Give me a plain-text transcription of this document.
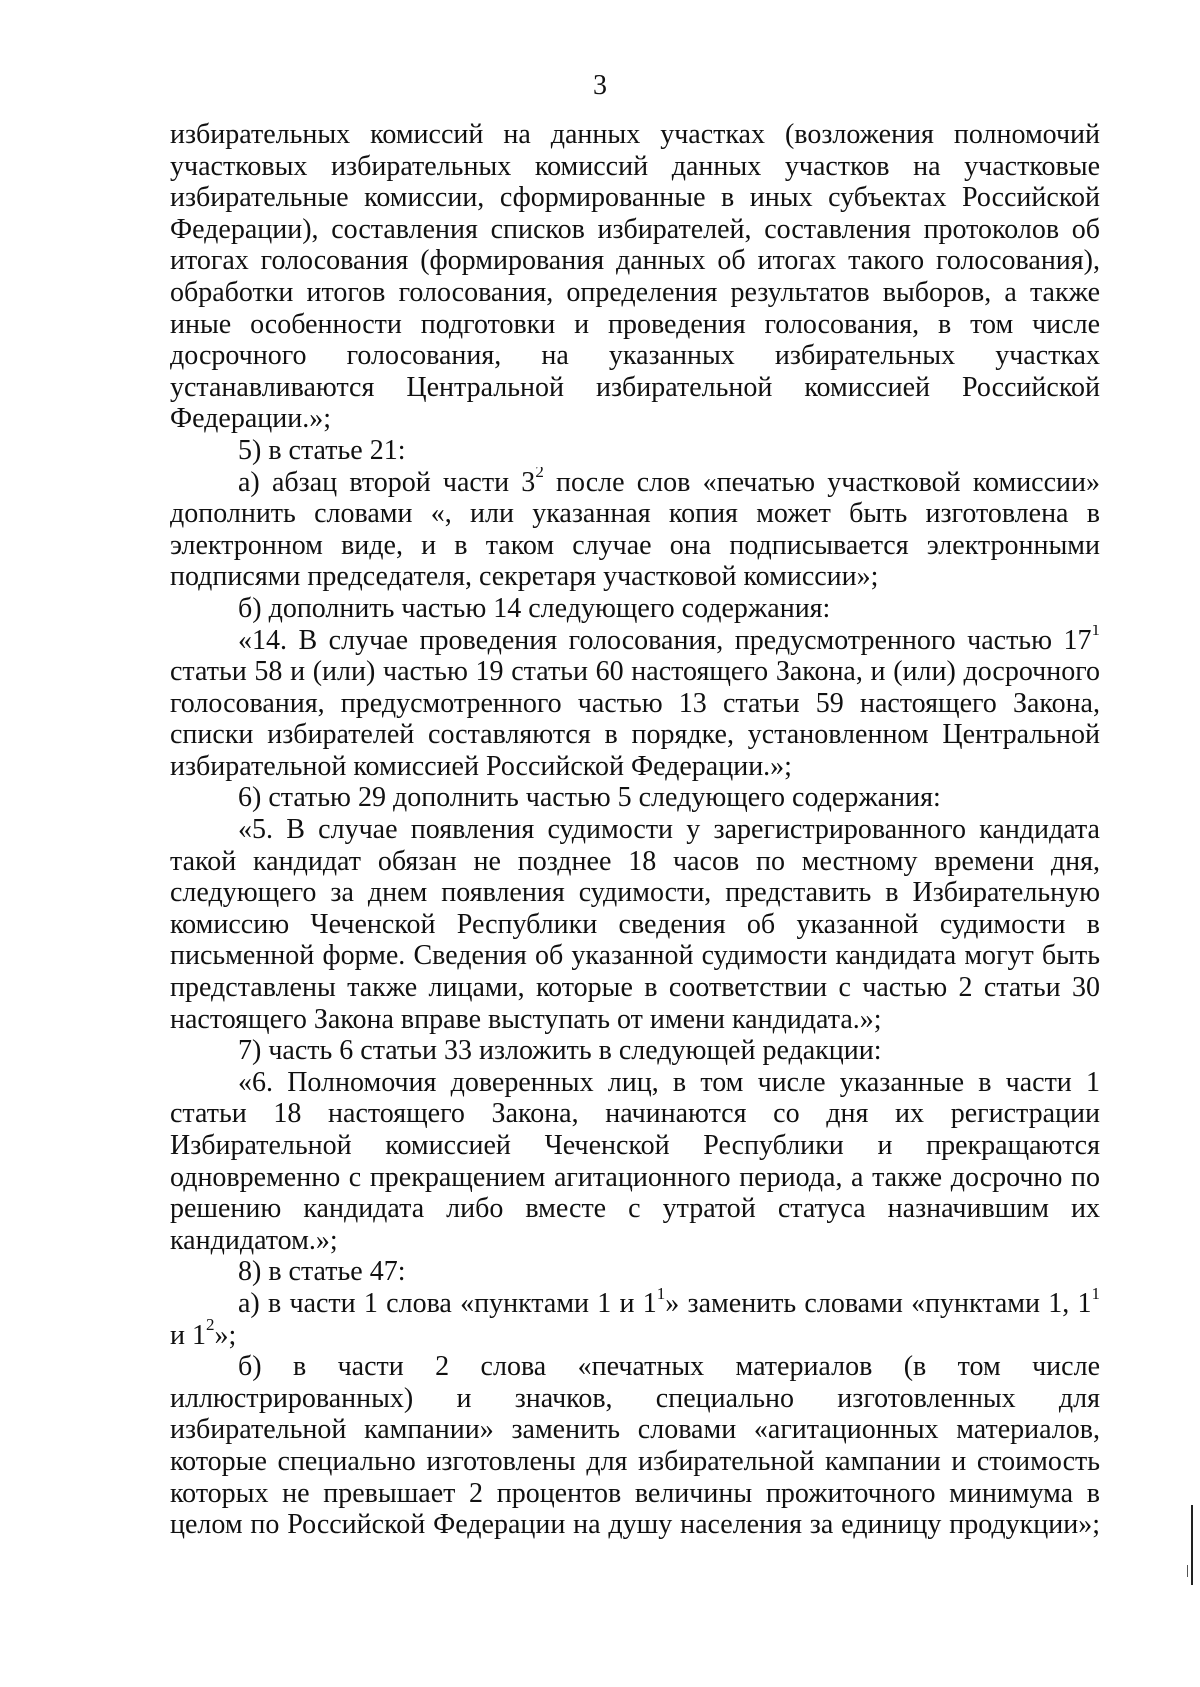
3
избирательных комиссий на данных участках (возложения полномочий
участковых избирательных комиссий данных участков на участковые
избирательные комиссии, сформированные в иных субъектах Российской
Федерации), составления списков избирателей, составления протоколов об
итогах голосования (формирования данных об итогах такого голосования),
обработки итогов голосования, определения результатов выборов, а также
иные особенности подготовки и проведения голосования, в том числе
досрочного голосования, на указанных избирательных участках
устанавливаются Центральной избирательной комиссией Российской
Федерации.»;
5) в статье 21:
а) абзац второй части $3^2$ после слов «печатью участковой комиссии»
дополнить словами «, или указанная копия может быть изготовлена в
электронном виде, и в таком случае она подписывается электронными
подписями председателя, секретаря участковой комиссии»;
б) дополнить частью 14 следующего содержания:
«14. В случае проведения голосования, предусмотренного частью $17^1$
статьи 58 и (или) частью 19 статьи 60 настоящего Закона, и (или) досрочного
голосования, предусмотренного частью 13 статьи 59 настоящего Закона,
списки избирателей составляются в порядке, установленном Центральной
избирательной комиссией Российской Федерации.»;
6) статью 29 дополнить частью 5 следующего содержания:
«5. В случае появления судимости у зарегистрированного кандидата
такой кандидат обязан не позднее 18 часов по местному времени дня,
следующего за днем появления судимости, представить в Избирательную
комиссию Чеченской Республики сведения об указанной судимости в
письменной форме. Сведения об указанной судимости кандидата могут быть
представлены также лицами, которые в соответствии с частью 2 статьи 30
настоящего Закона вправе выступать от имени кандидата.»;
7) часть 6 статьи 33 изложить в следующей редакции:
«6. Полномочия доверенных лиц, в том числе указанные в части 1
статьи 18 настоящего Закона, начинаются со дня их регистрации
Избирательной комиссией Чеченской Республики и прекращаются
одновременно с прекращением агитационного периода, а также досрочно по
решению кандидата либо вместе с утратой статуса назначившим их
кандидатом.»;
8) в статье 47:
а) в части 1 слова «пунктами 1 и $1^1$» заменить словами «пунктами 1, $1^1$
и $1^2$»;
б) в части 2 слова «печатных материалов (в том числе
иллюстрированных) и значков, специально изготовленных для
избирательной кампании» заменить словами «агитационных материалов,
которые специально изготовлены для избирательной кампании и стоимость
которых не превышает 2 процентов величины прожиточного минимума в
целом по Российской Федерации на душу населения за единицу продукции»;
